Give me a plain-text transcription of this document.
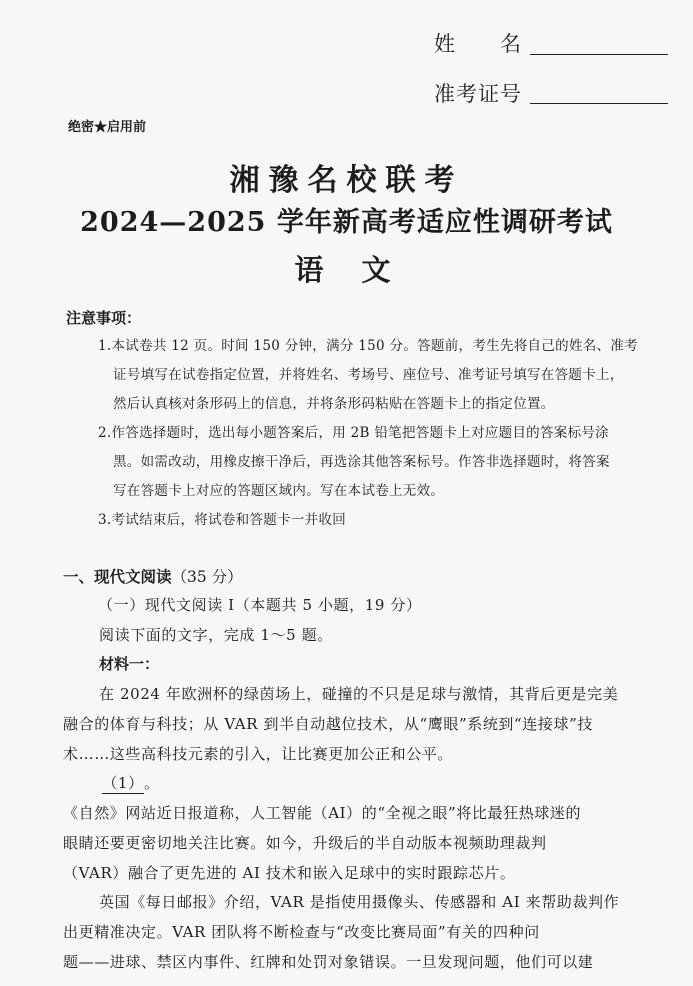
姓　　名
准考证号
绝密★启用前
湘豫名校联考
2024—2025 学年新高考适应性调研考试
语文
注意事项：
1.本试卷共 12 页。时间 150 分钟，满分 150 分。答题前，考生先将自己的姓名、准考
证号填写在试卷指定位置，并将姓名、考场号、座位号、准考证号填写在答题卡上，
然后认真核对条形码上的信息，并将条形码粘贴在答题卡上的指定位置。
2.作答选择题时，选出每小题答案后，用 2B 铅笔把答题卡上对应题目的答案标号涂
黑。如需改动，用橡皮擦干净后，再选涂其他答案标号。作答非选择题时，将答案
写在答题卡上对应的答题区域内。写在本试卷上无效。
3.考试结束后，将试卷和答题卡一并收回
一、现代文阅读（35 分）
（一）现代文阅读 I（本题共 5 小题，19 分）
阅读下面的文字，完成 1～5 题。
材料一：
在 2024 年欧洲杯的绿茵场上，碰撞的不只是足球与激情，其背后更是完美
融合的体育与科技；从 VAR 到半自动越位技术，从“鹰眼”系统到“连接球”技
术……这些高科技元素的引入，让比赛更加公正和公平。
（1）。
《自然》网站近日报道称，人工智能（AI）的“全视之眼”将比最狂热球迷的
眼睛还要更密切地关注比赛。如今，升级后的半自动版本视频助理裁判
（VAR）融合了更先进的 AI 技术和嵌入足球中的实时跟踪芯片。
英国《每日邮报》介绍，VAR 是指使用摄像头、传感器和 AI 来帮助裁判作
出更精准决定。VAR 团队将不断检查与“改变比赛局面”有关的四种问
题——进球、禁区内事件、红牌和处罚对象错误。一旦发现问题，他们可以建
